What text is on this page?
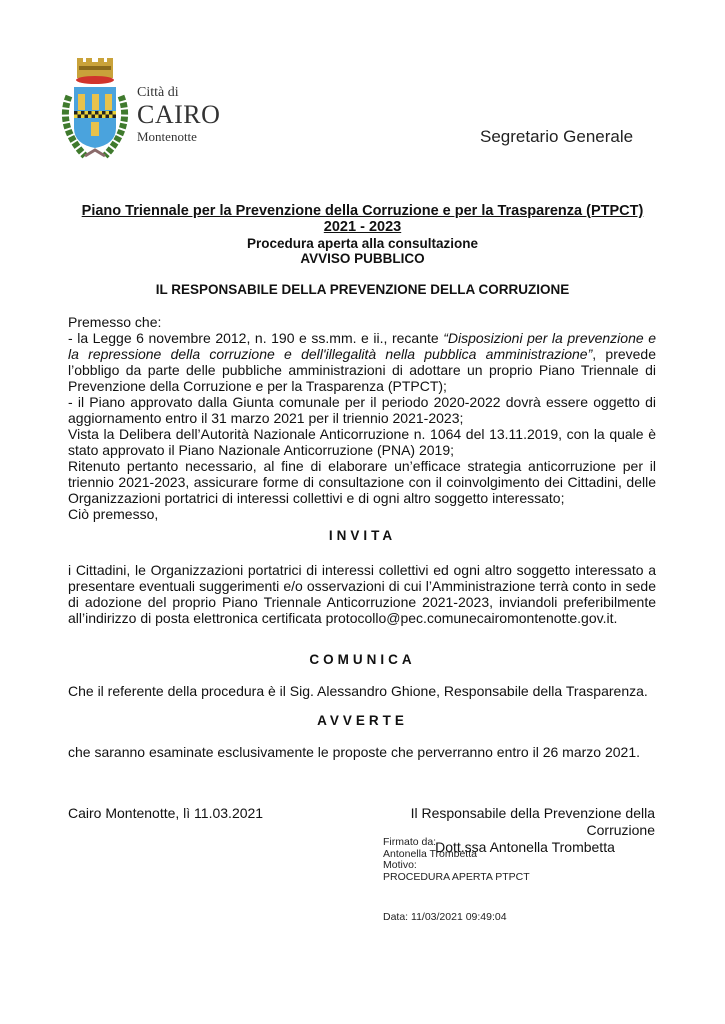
Città di
CAIRO
Montenotte	Segretario Generale
Piano Triennale per la Prevenzione della Corruzione e per la Trasparenza (PTPCT)
2021 - 2023
Procedura aperta alla consultazione
AVVISO PUBBLICO
IL RESPONSABILE DELLA PREVENZIONE DELLA CORRUZIONE

Premesso che:

- la Legge 6 novembre 2012, n. 190 e ss.mm. e ii., recante “Disposizioni per la prevenzione e la repressione della corruzione e dell'illegalità nella pubblica amministrazione”, prevede l’obbligo da parte delle pubbliche amministrazioni di adottare un proprio Piano Triennale di Prevenzione della Corruzione e per la Trasparenza (PTPCT);

- il Piano approvato dalla Giunta comunale per il periodo 2020-2022 dovrà essere oggetto di aggiornamento entro il 31 marzo 2021 per il triennio 2021-2023;

Vista la Delibera dell’Autorità Nazionale Anticorruzione n. 1064 del 13.11.2019, con la quale è stato approvato il Piano Nazionale Anticorruzione (PNA) 2019;

Ritenuto pertanto necessario, al fine di elaborare un’efficace strategia anticorruzione per il triennio 2021-2023, assicurare forme di consultazione con il coinvolgimento dei Cittadini, delle Organizzazioni portatrici di interessi collettivi e di ogni altro soggetto interessato;

Ciò premesso,

INVITA
i Cittadini, le Organizzazioni portatrici di interessi collettivi ed ogni altro soggetto interessato a presentare eventuali suggerimenti e/o osservazioni di cui l’Amministrazione terrà conto in sede di adozione del proprio Piano Triennale Anticorruzione 2021-2023, inviandoli preferibilmente all’indirizzo di posta elettronica certificata protocollo@pec.comunecairomontenotte.gov.it.
COMUNICA
Che il referente della procedura è il Sig. Alessandro Ghione, Responsabile della Trasparenza.
AVVERTE
che saranno esaminate esclusivamente le proposte che perverranno entro il 26 marzo 2021.
Cairo Montenotte, lì 11.03.2021	Il Responsabile della Prevenzione della Corruzione
Dott.ssa Antonella Trombetta
Firmato da:
Antonella Trombetta
Motivo:
PROCEDURA APERTA PTPCT
Data: 11/03/2021 09:49:04
